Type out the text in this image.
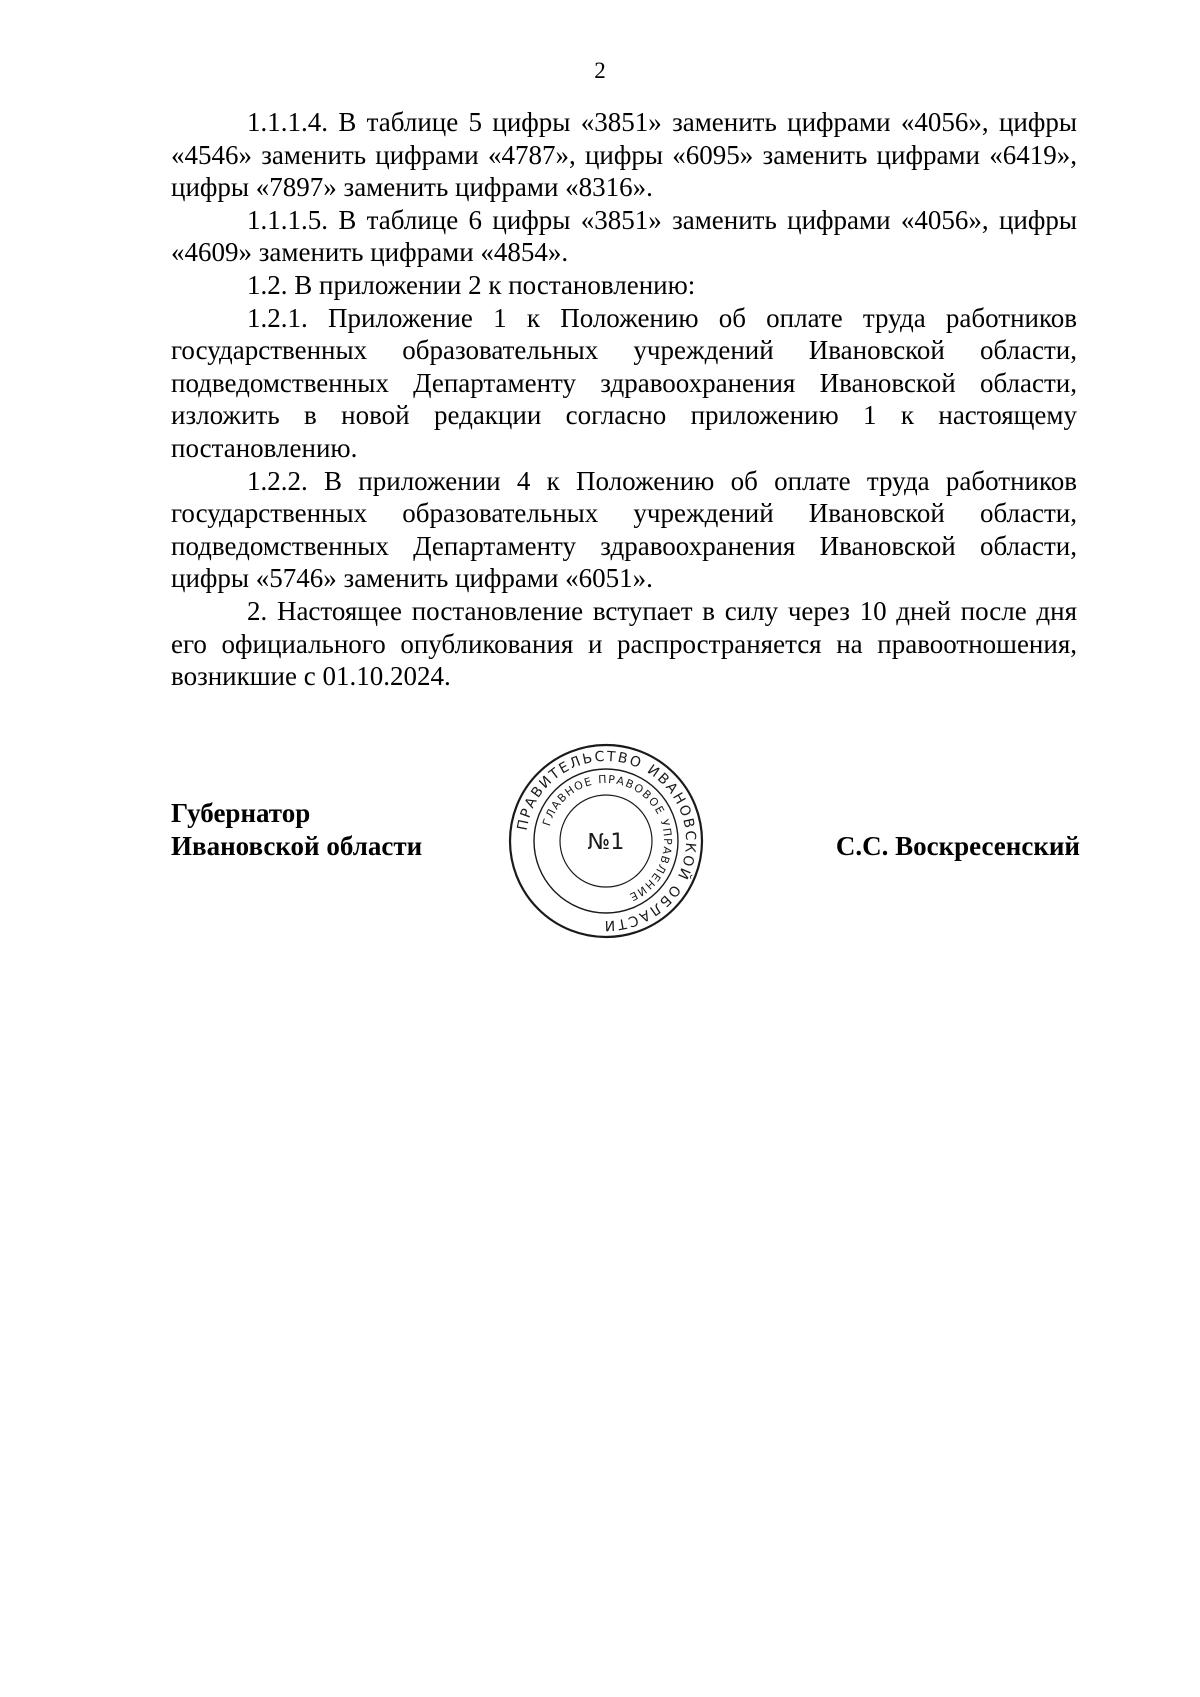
2

1.1.1.4. В таблице 5 цифры «3851» заменить цифрами «4056», цифры «4546» заменить цифрами «4787», цифры «6095» заменить цифрами «6419», цифры «7897» заменить цифрами «8316».

1.1.1.5. В таблице 6 цифры «3851» заменить цифрами «4056», цифры «4609» заменить цифрами «4854».

1.2. В приложении 2 к постановлению:

1.2.1. Приложение 1 к Положению об оплате труда работников государственных образовательных учреждений Ивановской области, подведомственных Департаменту здравоохранения Ивановской области, изложить в новой редакции согласно приложению 1 к настоящему постановлению.

1.2.2. В приложении 4 к Положению об оплате труда работников государственных образовательных учреждений Ивановской области, подведомственных Департаменту здравоохранения Ивановской области, цифры «5746» заменить цифрами «6051».

2. Настоящее постановление вступает в силу через 10 дней после дня его официального опубликования и распространяется на правоотношения, возникшие с 01.10.2024.

Губернатор
Ивановской области
ПРАВИТЕЛЬСТВО ИВАНОВСКОЙ ОБЛАСТИ
ГЛАВНОЕ ПРАВОВОЕ УПРАВЛЕНИЕ
№1	С.С. Воскресенский
